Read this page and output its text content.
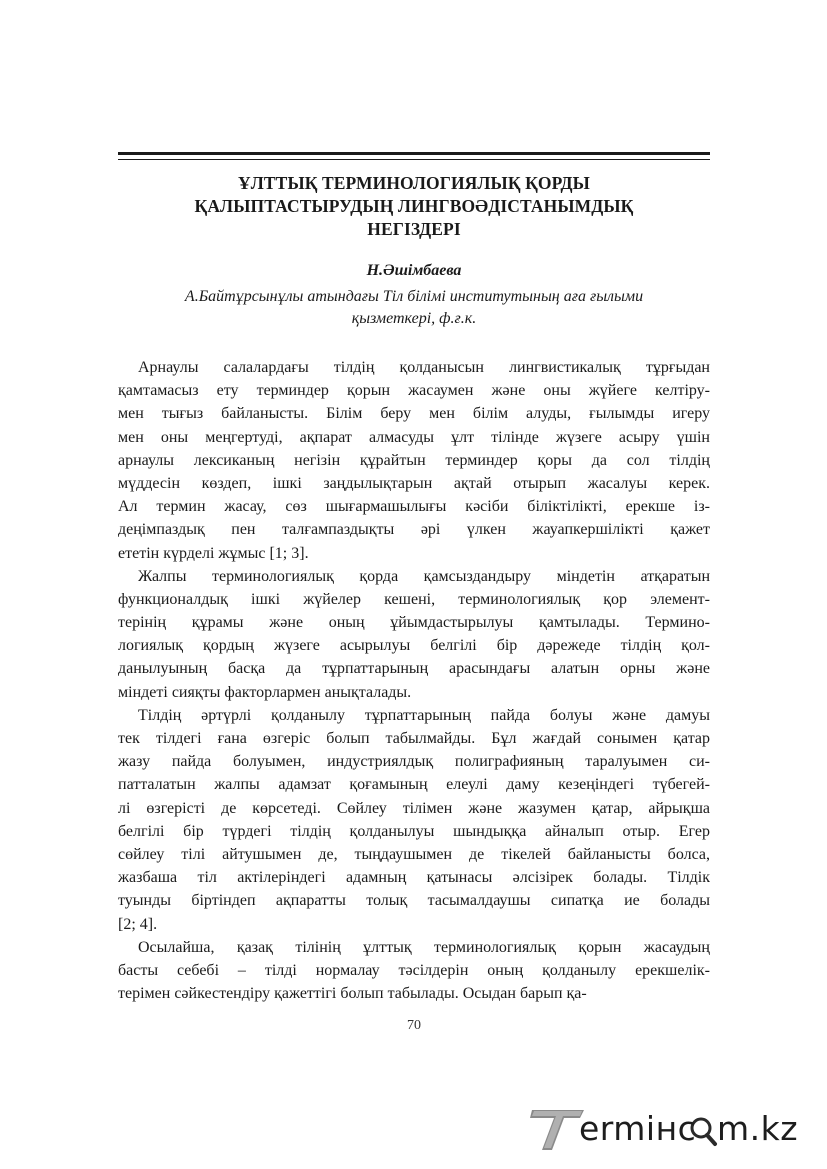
ҰЛТТЫҚ ТЕРМИНОЛОГИЯЛЫҚ ҚОРДЫ
ҚАЛЫПТАСТЫРУДЫҢ ЛИНГВОӘДІСТАНЫМДЫҚ
НЕГІЗДЕРІ
Н.Әшімбаева
А.Байтұрсынұлы атындағы Тіл білімі институтының аға ғылыми
қызметкері, ф.ғ.к.
Арнаулы салалардағы тілдің қолданысын лингвистикалық тұрғыдан
қамтамасыз ету терминдер қорын жасаумен және оны жүйеге келтіру-
мен тығыз байланысты. Білім беру мен білім алуды, ғылымды игеру
мен оны меңгертуді, ақпарат алмасуды ұлт тілінде жүзеге асыру үшін
арнаулы лексиканың негізін құрайтын терминдер қоры да сол тілдің
мүддесін көздеп, ішкі заңдылықтарын ақтай отырып жасалуы керек.
Ал термин жасау, сөз шығармашылығы кәсіби біліктілікті, ерекше із-
деңімпаздық пен талғампаздықты әрі үлкен жауапкершілікті қажет
ететін күрделі жұмыс [1; 3].
Жалпы терминологиялық қорда қамсыздандыру міндетін атқаратын
функционалдық ішкі жүйелер кешені, терминологиялық қор элемент-
терінің құрамы және оның ұйымдастырылуы қамтылады. Термино-
логиялық қордың жүзеге асырылуы белгілі бір дәрежеде тілдің қол-
данылуының басқа да тұрпаттарының арасындағы алатын орны және
міндеті сияқты факторлармен анықталады.
Тілдің әртүрлі қолданылу тұрпаттарының пайда болуы және дамуы
тек тілдегі ғана өзгеріс болып табылмайды. Бұл жағдай сонымен қатар
жазу пайда болуымен, индустриялдық полиграфияның таралуымен си-
патталатын жалпы адамзат қоғамының елеулі даму кезеңіндегі түбегей-
лі өзгерісті де көрсетеді. Сөйлеу тілімен және жазумен қатар, айрықша
белгілі бір түрдегі тілдің қолданылуы шындыққа айналып отыр. Егер
сөйлеу тілі айтушымен де, тыңдаушымен де тікелей байланысты болса,
жазбаша тіл актілеріндегі адамның қатынасы әлсізірек болады. Тілдік
туынды біртіндеп ақпаратты толық тасымалдаушы сипатқа ие болады
[2; 4].
Осылайша, қазақ тілінің ұлттық терминологиялық қорын жасаудың
басты себебі – тілді нормалау тәсілдерін оның қолданылу ерекшелік-
терімен сәйкестендіру қажеттігі болып табылады. Осыдан барып қа-
70
ermінc m.kz
